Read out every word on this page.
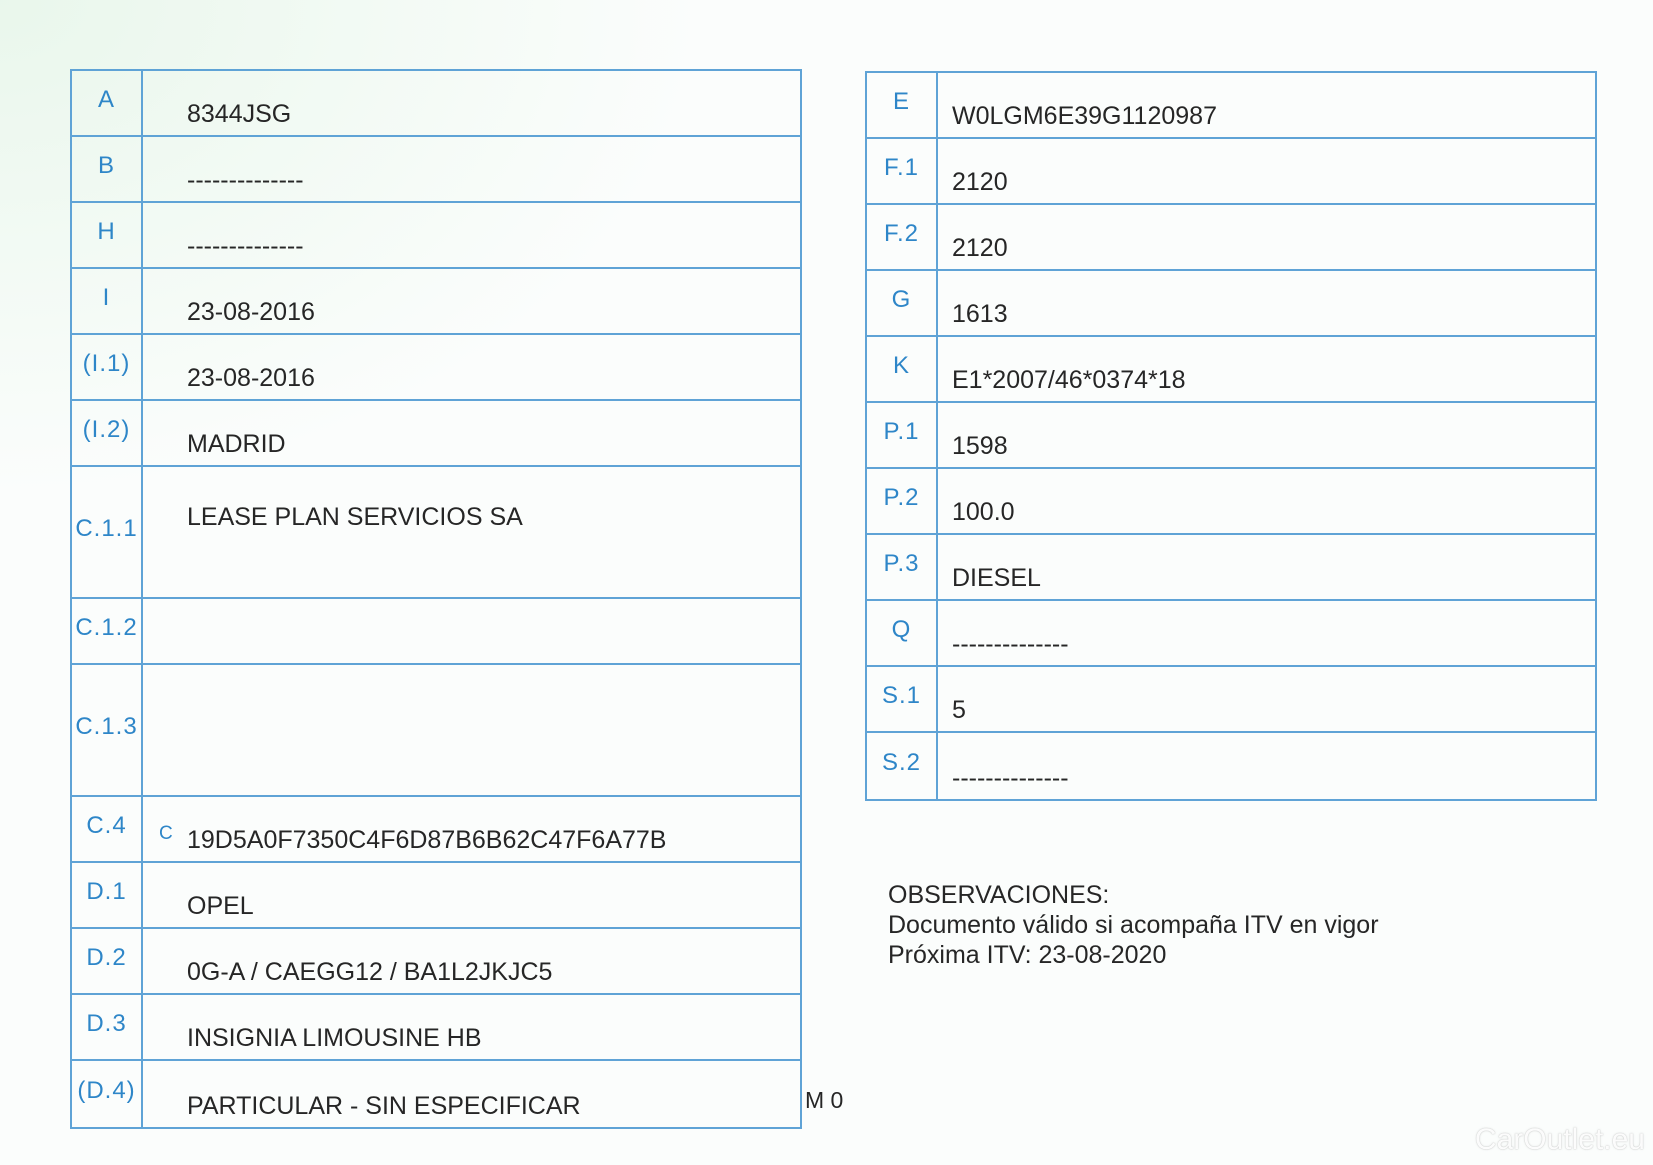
A
8344JSG
B
--------------
H
--------------
I
23-08-2016
(I.1)
23-08-2016
(I.2)
MADRID
C.1.1	LEASE PLAN SERVICIOS SA
C.1.2
C.1.3
C.4	C 19D5A0F7350C4F6D87B6B62C47F6A77B
D.1
OPEL
D.2
0G-A / CAEGG12 / BA1L2JKJC5
D.3
INSIGNIA LIMOUSINE HB
(D.4)
PARTICULAR - SIN ESPECIFICAR
E
W0LGM6E39G1120987
F.1
2120
F.2
2120
G
1613
K
E1*2007/46*0374*18
P.1
1598
P.2
100.0
P.3
DIESEL
Q
--------------
S.1
5
S.2
--------------
OBSERVACIONES:
Documento válido si acompaña ITV en vigor
Próxima ITV: 23-08-2020
M 0
CarOutlet.eu
